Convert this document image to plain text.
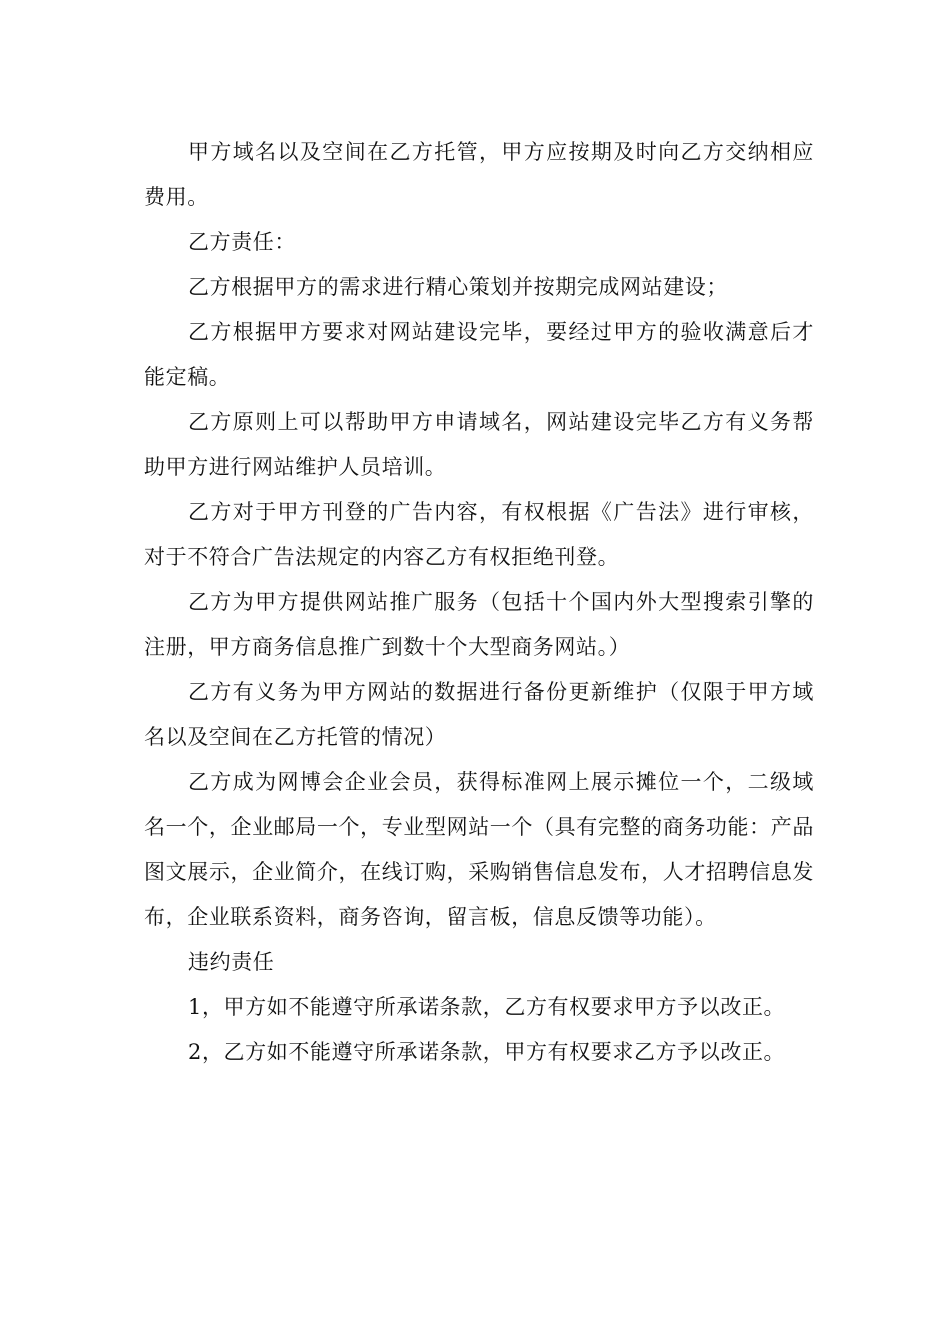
甲方域名以及空间在乙方托管，甲方应按期及时向乙方交纳相应费用。

乙方责任：

乙方根据甲方的需求进行精心策划并按期完成网站建设；

乙方根据甲方要求对网站建设完毕，要经过甲方的验收满意后才能定稿。

乙方原则上可以帮助甲方申请域名，网站建设完毕乙方有义务帮助甲方进行网站维护人员培训。

乙方对于甲方刊登的广告内容，有权根据《广告法》进行审核，对于不符合广告法规定的内容乙方有权拒绝刊登。

乙方为甲方提供网站推广服务（包括十个国内外大型搜索引擎的注册，甲方商务信息推广到数十个大型商务网站。）

乙方有义务为甲方网站的数据进行备份更新维护（仅限于甲方域名以及空间在乙方托管的情况）

乙方成为网博会企业会员，获得标准网上展示摊位一个，二级域名一个，企业邮局一个，专业型网站一个（具有完整的商务功能：产品图文展示，企业简介，在线订购，采购销售信息发布，人才招聘信息发布，企业联系资料，商务咨询，留言板，信息反馈等功能）。

违约责任

1，甲方如不能遵守所承诺条款，乙方有权要求甲方予以改正。

2，乙方如不能遵守所承诺条款，甲方有权要求乙方予以改正。
